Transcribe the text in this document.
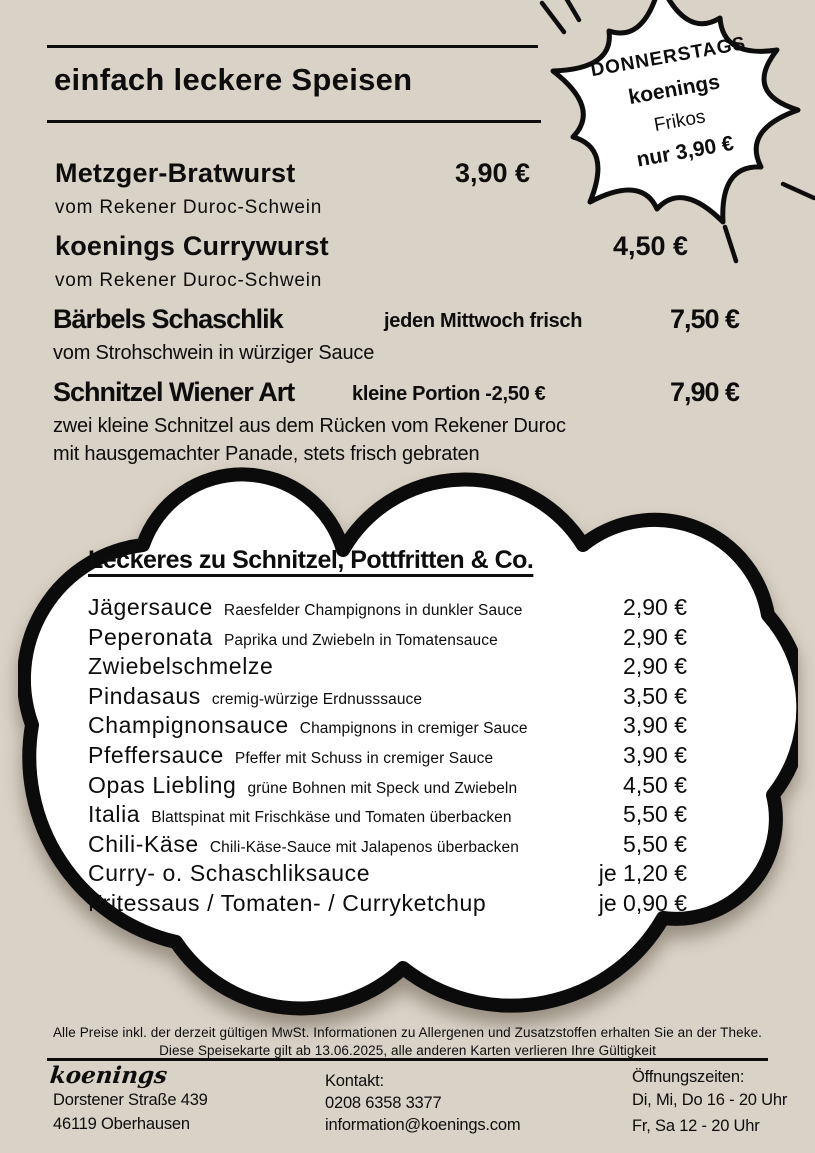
einfach leckere Speisen	DONNERSTAGS
koenings
Frikos
nur 3,90 €
Metzger-Bratwurst	3,90 €
vom Rekener Duroc-Schwein
koenings Currywurst	4,50 €
vom Rekener Duroc-Schwein
Bärbels Schaschlik	jeden Mittwoch frisch	7,50 €
vom Strohschwein in würziger Sauce
Schnitzel Wiener Art	kleine Portion -2,50 €	7,90 €
zwei kleine Schnitzel aus dem Rücken vom Rekener Duroc
mit hausgemachter Panade, stets frisch gebraten
Leckeres zu Schnitzel, Pottfritten & Co.
Jägersauce Raesfelder Champignons in dunkler Sauce	2,90 €
Peperonata Paprika und Zwiebeln in Tomatensauce	2,90 €
Zwiebelschmelze	2,90 €
Pindasaus cremig-würzige Erdnusssauce	3,50 €
Champignonsauce Champignons in cremiger Sauce	3,90 €
Pfeffersauce Pfeffer mit Schuss in cremiger Sauce	3,90 €
Opas Liebling grüne Bohnen mit Speck und Zwiebeln	4,50 €
Italia Blattspinat mit Frischkäse und Tomaten überbacken	5,50 €
Chili-Käse Chili-Käse-Sauce mit Jalapenos überbacken	5,50 €
Curry- o. Schaschliksauce	je 1,20 €
Fritessaus / Tomaten- / Curryketchup	je 0,90 €
Alle Preise inkl. der derzeit gültigen MwSt. Informationen zu Allergenen und Zusatzstoffen erhalten Sie an der Theke.
Diese Speisekarte gilt ab 13.06.2025, alle anderen Karten verlieren Ihre Gültigkeit
koenings
Dorstener Straße 439
46119 Oberhausen
Kontakt:
0208 6358 3377
information@koenings.com
Öffnungszeiten:
Di, Mi, Do 16 - 20 Uhr
Fr, Sa 12 - 20 Uhr
